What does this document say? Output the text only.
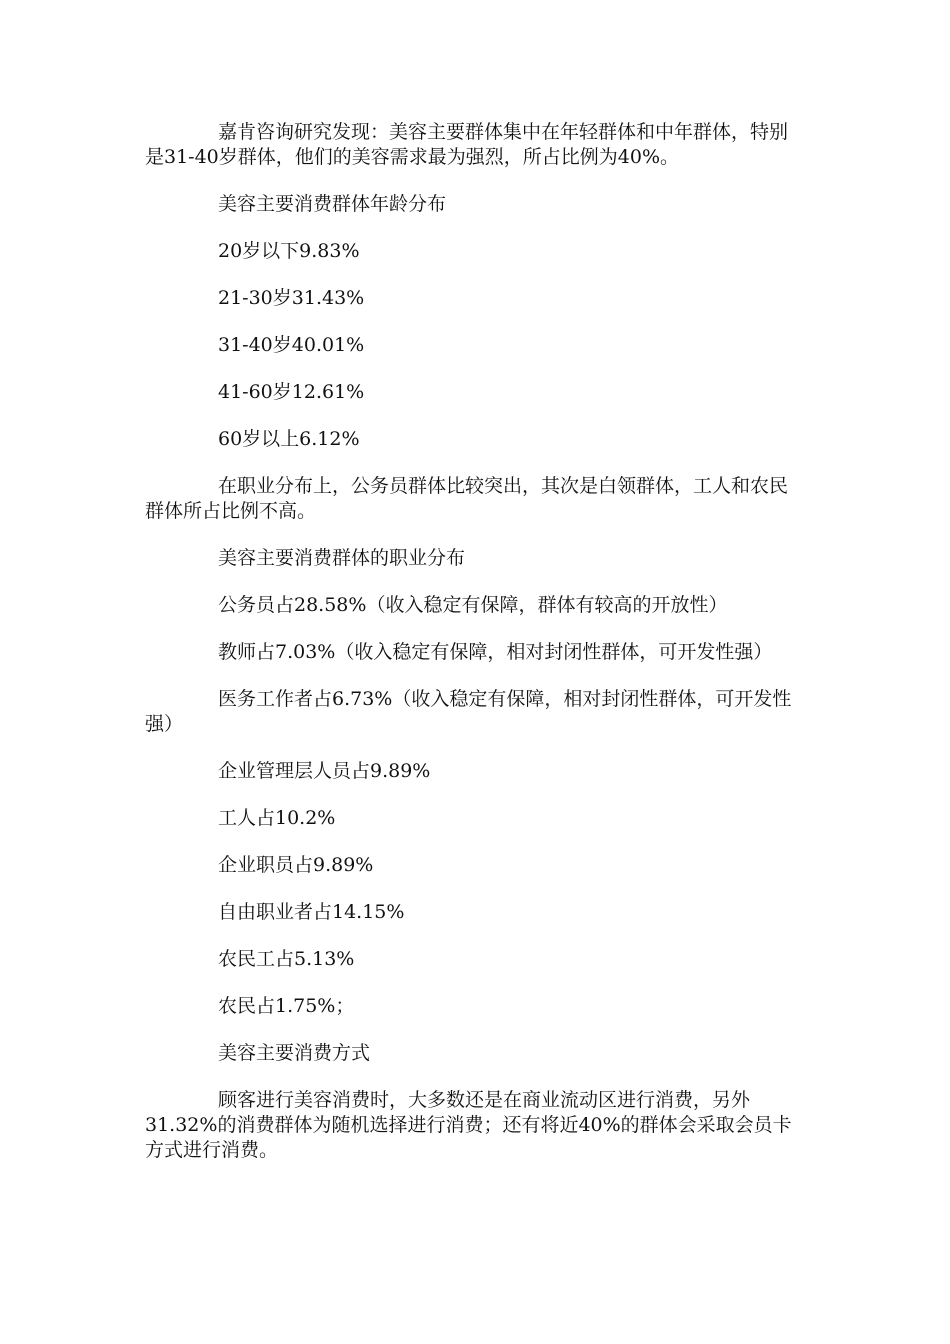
嘉肯咨询研究发现：美容主要群体集中在年轻群体和中年群体，特别是31-40岁群体，他们的美容需求最为强烈，所占比例为40%。

美容主要消费群体年龄分布

20岁以下9.83%

21-30岁31.43%

31-40岁40.01%

41-60岁12.61%

60岁以上6.12%

在职业分布上，公务员群体比较突出，其次是白领群体，工人和农民群体所占比例不高。

美容主要消费群体的职业分布

公务员占28.58%（收入稳定有保障，群体有较高的开放性）

教师占7.03%（收入稳定有保障，相对封闭性群体，可开发性强）

医务工作者占6.73%（收入稳定有保障，相对封闭性群体，可开发性强）

企业管理层人员占9.89%

工人占10.2%

企业职员占9.89%

自由职业者占14.15%

农民工占5.13%

农民占1.75%；

美容主要消费方式

顾客进行美容消费时，大多数还是在商业流动区进行消费，另外31.32%的消费群体为随机选择进行消费；还有将近40%的群体会采取会员卡方式进行消费。
